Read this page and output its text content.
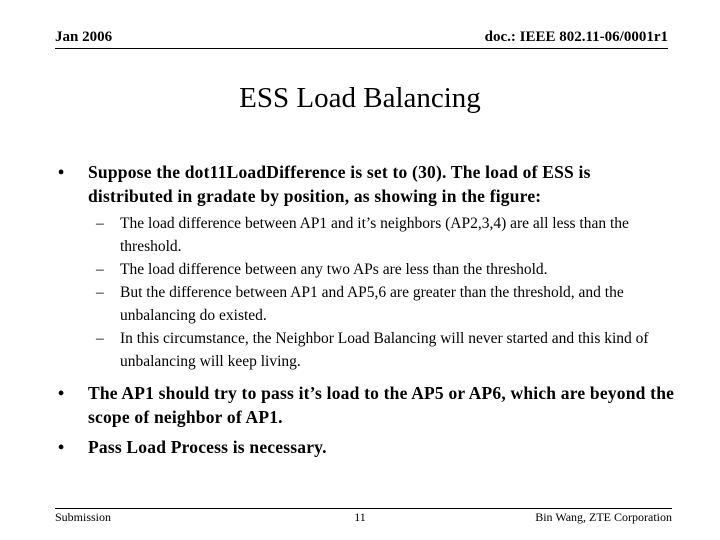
Jan 2006	doc.: IEEE 802.11-06/0001r1
ESS Load Balancing
• Suppose the dot11LoadDifference is set to (30). The load of ESS is distributed in gradate by position, as showing in the figure:
– The load difference between AP1 and it’s neighbors (AP2,3,4) are all less than the threshold.
– The load difference between any two APs are less than the threshold.
– But the difference between AP1 and AP5,6 are greater than the threshold, and the unbalancing do existed.
– In this circumstance, the Neighbor Load Balancing will never started and this kind of unbalancing will keep living.
• The AP1 should try to pass it’s load to the AP5 or AP6, which are beyond the scope of neighbor of AP1.
• Pass Load Process is necessary.
Submission	11	Bin Wang, ZTE Corporation
